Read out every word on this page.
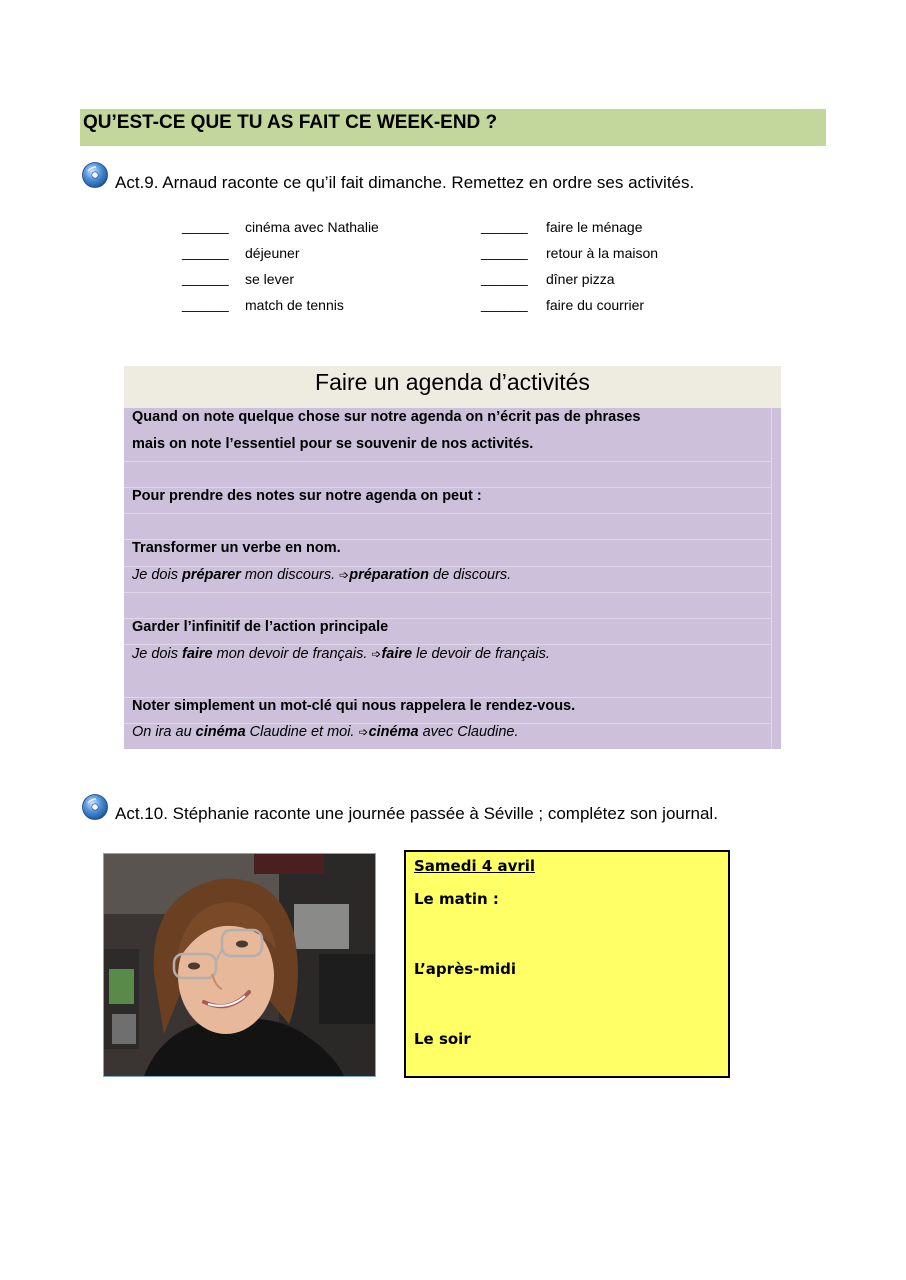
QU’EST-CE QUE TU AS FAIT CE WEEK-END ?
Act.9. Arnaud raconte ce qu’il fait dimanche. Remettez en ordre ses activités.
______ cinéma avec Nathalie
______ déjeuner
______ se lever
______ match de tennis
______ faire le ménage
______ retour à la maison
______ dîner pizza
______ faire du courrier
Faire un agenda d’activités
Quand on note quelque chose sur notre agenda on n’écrit pas de phrases
mais on note l’essentiel pour se souvenir de nos activités.
Pour prendre des notes sur notre agenda on peut :
Transformer un verbe en nom.
Je dois préparer mon discours. ➩préparation de discours.
Garder l’infinitif de l’action principale
Je dois faire mon devoir de français. ➩faire le devoir de français.
Noter simplement un mot-clé qui nous rappelera le rendez-vous.
On ira au cinéma Claudine et moi. ➩cinéma avec Claudine.
Act.10. Stéphanie raconte une journée passée à Séville ; complétez son journal.
Samedi 4 avril
Le matin :
L’après-midi
Le soir
